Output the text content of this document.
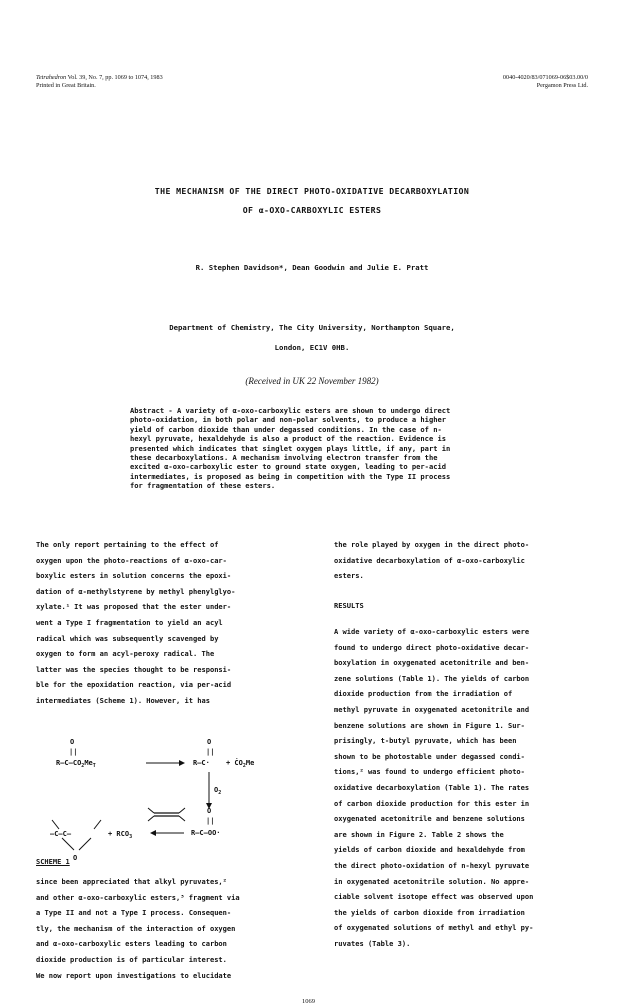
Tetrahedron Vol. 39, No. 7, pp. 1069 to 1074, 1983
Printed in Great Britain.
0040-4020/83/071069-06$03.00/0
Pergamon Press Ltd.
THE MECHANISM OF THE DIRECT PHOTO-OXIDATIVE DECARBOXYLATION
OF α-OXO-CARBOXYLIC ESTERS
R. Stephen Davidson*, Dean Goodwin and Julie E. Pratt
Department of Chemistry, The City University, Northampton Square,
London, EC1V 0HB.
(Received in UK 22 November 1982)
Abstract - A variety of α-oxo-carboxylic esters are shown to undergo direct
photo-oxidation, in both polar and non-polar solvents, to produce a higher
yield of carbon dioxide than under degassed conditions. In the case of n-
hexyl pyruvate, hexaldehyde is also a product of the reaction. Evidence is
presented which indicates that singlet oxygen plays little, if any, part in
these decarboxylations. A mechanism involving electron transfer from the
excited α-oxo-carboxylic ester to ground state oxygen, leading to per-acid
intermediates, is proposed as being in competition with the Type II process
for fragmentation of these esters.
The only report pertaining to the effect of
oxygen upon the photo-reactions of α-oxo-car-
boxylic esters in solution concerns the epoxi-
dation of α-methylstyrene by methyl phenylglyo-
xylate.¹ It was proposed that the ester under-
went a Type I fragmentation to yield an acyl
radical which was subsequently scavenged by
oxygen to form an acyl-peroxy radical. The
latter was the species thought to be responsi-
ble for the epoxidation reaction, via per-acid
intermediates (Scheme 1). However, it has
O
||
$R—C—CO_2Me_T$
O
||
R—C· + $ĊO_2Me$
$O_2$
O
||
R—C—OO·
—C—C—
O
+ $RCO_3$
SCHEME 1
since been appreciated that alkyl pyruvates,²
and other α-oxo-carboxylic esters,³ fragment via
a Type II and not a Type I process. Consequen-
tly, the mechanism of the interaction of oxygen
and α-oxo-carboxylic esters leading to carbon
dioxide production is of particular interest.
We now report upon investigations to elucidate
the role played by oxygen in the direct photo-
oxidative decarboxylation of α-oxo-carboxylic
esters.
RESULTS
A wide variety of α-oxo-carboxylic esters were
found to undergo direct photo-oxidative decar-
boxylation in oxygenated acetonitrile and ben-
zene solutions (Table 1). The yields of carbon
dioxide production from the irradiation of
methyl pyruvate in oxygenated acetonitrile and
benzene solutions are shown in Figure 1. Sur-
prisingly, t-butyl pyruvate, which has been
shown to be photostable under degassed condi-
tions,² was found to undergo efficient photo-
oxidative decarboxylation (Table 1). The rates
of carbon dioxide production for this ester in
oxygenated acetonitrile and benzene solutions
are shown in Figure 2. Table 2 shows the
yields of carbon dioxide and hexaldehyde from
the direct photo-oxidation of n-hexyl pyruvate
in oxygenated acetonitrile solution. No appre-
ciable solvent isotope effect was observed upon
the yields of carbon dioxide from irradiation
of oxygenated solutions of methyl and ethyl py-
ruvates (Table 3).
1069
